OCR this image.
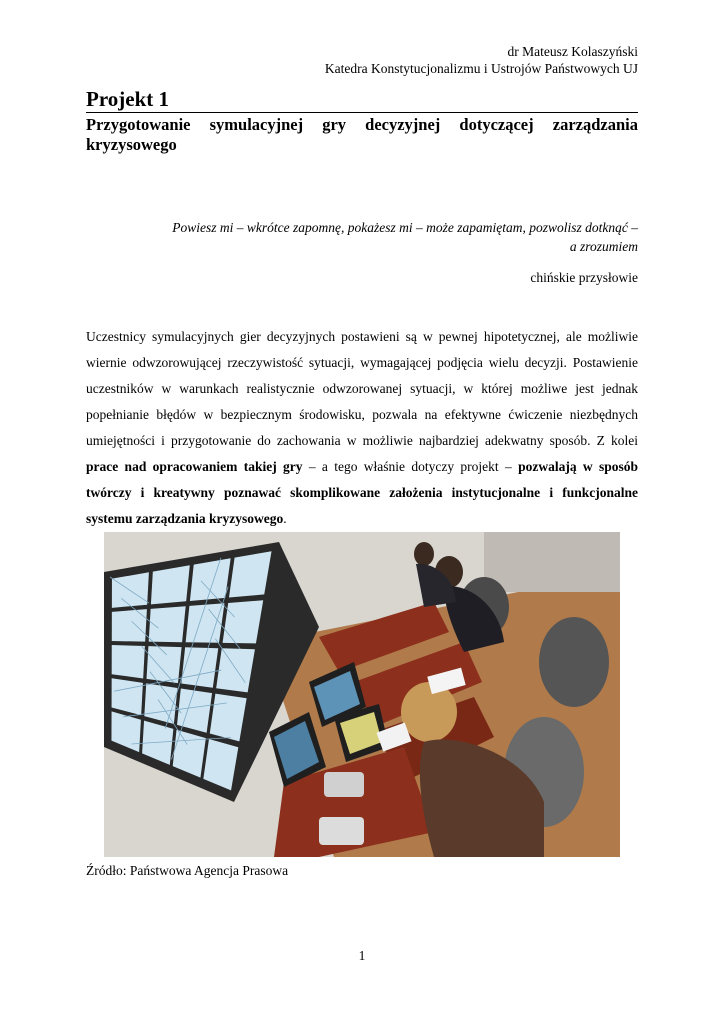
dr Mateusz Kolaszyński
Katedra Konstytucjonalizmu i Ustrojów Państwowych UJ
Projekt 1
Przygotowanie symulacyjnej gry decyzyjnej dotyczącej zarządzania kryzysowego
Powiesz mi – wkrótce zapomnę, pokażesz mi – może zapamiętam, pozwolisz dotknąć –
a zrozumiem
chińskie przysłowie
Uczestnicy symulacyjnych gier decyzyjnych postawieni są w pewnej hipotetycznej, ale możliwie wiernie odwzorowującej rzeczywistość sytuacji, wymagającej podjęcia wielu decyzji. Postawienie uczestników w warunkach realistycznie odwzorowanej sytuacji, w której możliwe jest jednak popełnianie błędów w bezpiecznym środowisku, pozwala na efektywne ćwiczenie niezbędnych umiejętności i przygotowanie do zachowania w możliwie najbardziej adekwatny sposób. Z kolei prace nad opracowaniem takiej gry – a tego właśnie dotyczy projekt – pozwalają w sposób twórczy i kreatywny poznawać skomplikowane założenia instytucjonalne i funkcjonalne systemu zarządzania kryzysowego.
Źródło: Państwowa Agencja Prasowa
1
